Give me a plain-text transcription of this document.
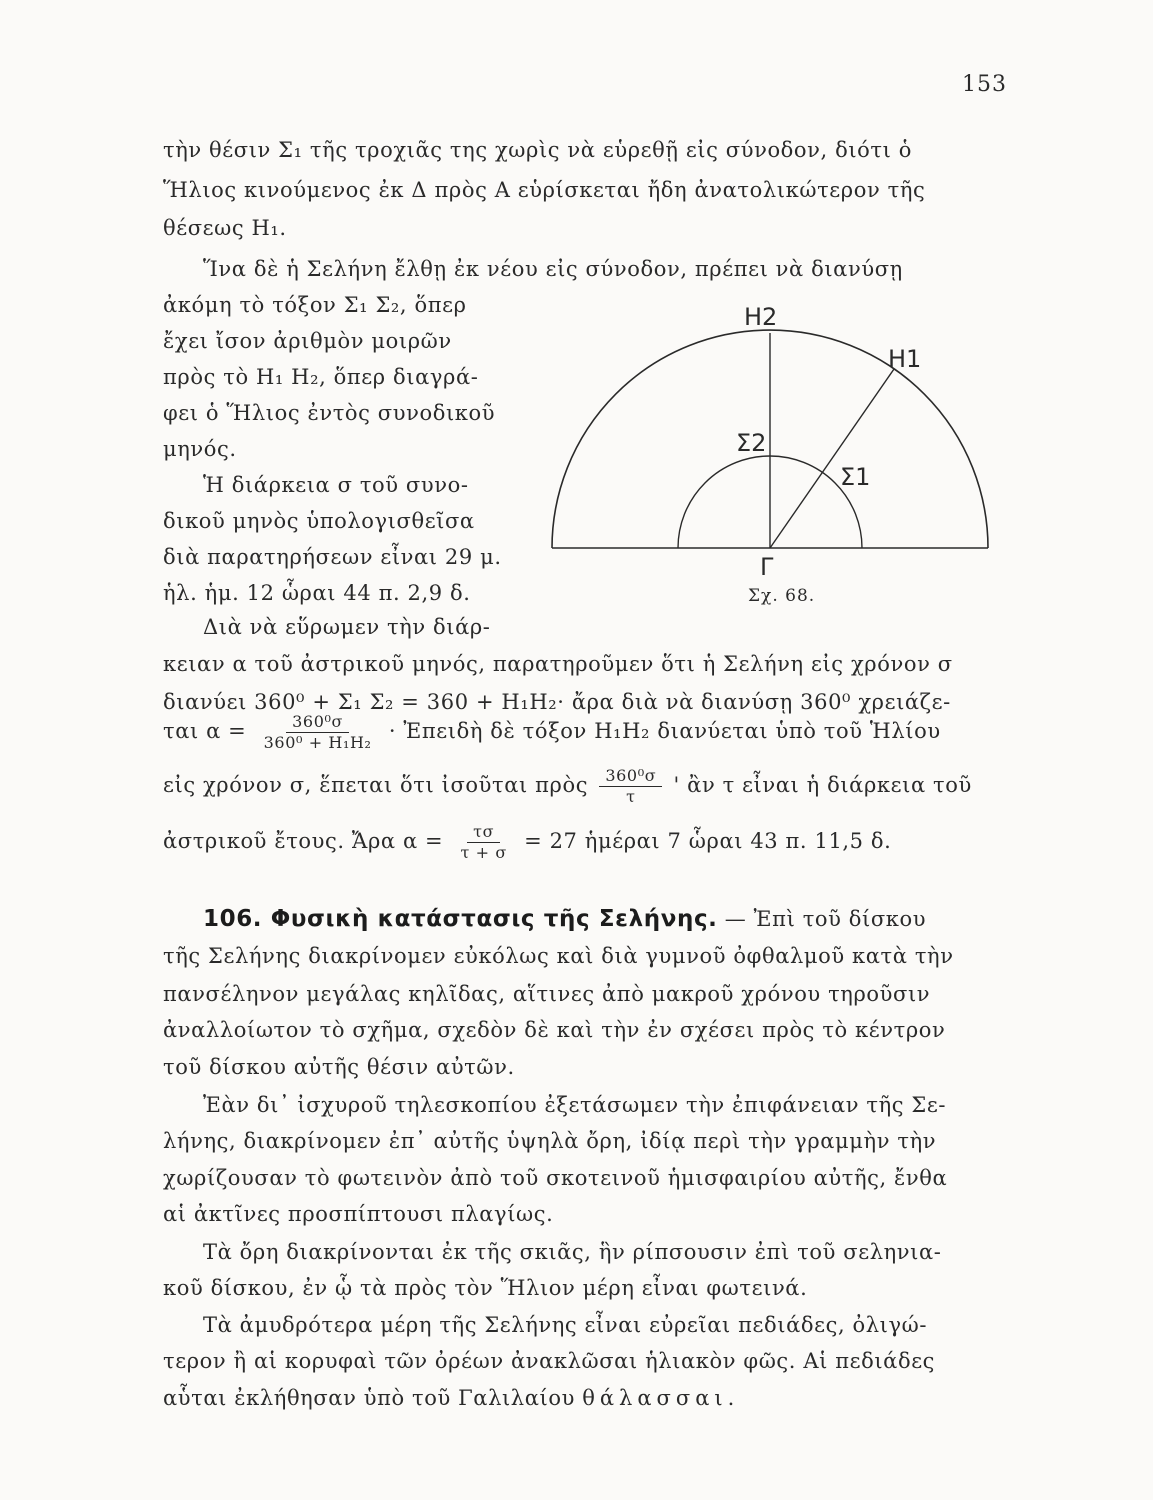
153
τὴν θέσιν Σ₁ τῆς τροχιᾶς της χωρὶς νὰ εὑρεθῇ εἰς σύνοδον, διότι ὁ
Ἥλιος κινούμενος ἐκ Δ πρὸς Α εὑρίσκεται ἤδη ἀνατολικώτερον τῆς
θέσεως Η₁.
Ἵνα δὲ ἡ Σελήνη ἔλθῃ ἐκ νέου εἰς σύνοδον, πρέπει νὰ διανύσῃ
ἀκόμη τὸ τόξον Σ₁ Σ₂, ὅπερ
ἔχει ἴσον ἀριθμὸν μοιρῶν
πρὸς τὸ Η₁ Η₂, ὅπερ διαγρά-
φει ὁ Ἥλιος ἐντὸς συνοδικοῦ
μηνός.
Ἡ διάρκεια σ τοῦ συνο-
δικοῦ μηνὸς ὑπολογισθεῖσα
διὰ παρατηρήσεων εἶναι 29 μ.
ἡλ. ἡμ. 12 ὧραι 44 π. 2,9 δ.
Διὰ νὰ εὕρωμεν τὴν διάρ-
κειαν α τοῦ ἀστρικοῦ μηνός, παρατηροῦμεν ὅτι ἡ Σελήνη εἰς χρόνον σ
διανύει 360⁰ + Σ₁ Σ₂ = 360 + Η₁Η₂· ἄρα διὰ νὰ διανύσῃ 360⁰ χρειάζε-
ται $\alpha = \frac{\text{360⁰σ}}{\text{360⁰ + Η₁Η₂}}$ · Ἐπειδὴ δὲ τόξον Η₁Η₂ διανύεται ὑπὸ τοῦ Ἡλίου
εἰς χρόνον σ, ἕπεται ὅτι ἰσοῦται πρὸς $\frac{\text{360⁰σ}}{\tau}$ ' ἂν τ εἶναι ἡ διάρκεια τοῦ
ἀστρικοῦ ἔτους. Ἄρα $\alpha = \frac{\tau\sigma}{\tau + \sigma} = 27$ ἡμέραι 7 ὧραι 43 π. 11,5 δ.
106. Φυσικὴ κατάστασις τῆς Σελήνης. — Ἐπὶ τοῦ δίσκου
τῆς Σελήνης διακρίνομεν εὐκόλως καὶ διὰ γυμνοῦ ὀφθαλμοῦ κατὰ τὴν
πανσέληνον μεγάλας κηλῖδας, αἵτινες ἀπὸ μακροῦ χρόνου τηροῦσιν
ἀναλλοίωτον τὸ σχῆμα, σχεδὸν δὲ καὶ τὴν ἐν σχέσει πρὸς τὸ κέντρον
τοῦ δίσκου αὐτῆς θέσιν αὐτῶν.
Ἐὰν δι᾽ ἰσχυροῦ τηλεσκοπίου ἐξετάσωμεν τὴν ἐπιφάνειαν τῆς Σε-
λήνης, διακρίνομεν ἐπ᾽ αὐτῆς ὑψηλὰ ὄρη, ἰδίᾳ περὶ τὴν γραμμὴν τὴν
χωρίζουσαν τὸ φωτεινὸν ἀπὸ τοῦ σκοτεινοῦ ἡμισφαιρίου αὐτῆς, ἔνθα
αἱ ἀκτῖνες προσπίπτουσι πλαγίως.
Τὰ ὄρη διακρίνονται ἐκ τῆς σκιᾶς, ἣν ρίπσουσιν ἐπὶ τοῦ σεληνια-
κοῦ δίσκου, ἐν ᾧ τὰ πρὸς τὸν Ἥλιον μέρη εἶναι φωτεινά.
Τὰ ἀμυδρότερα μέρη τῆς Σελήνης εἶναι εὐρεῖαι πεδιάδες, ὀλιγώ-
τερον ἢ αἱ κορυφαὶ τῶν ὀρέων ἀνακλῶσαι ἡλιακὸν φῶς. Αἱ πεδιάδες
αὗται ἐκλήθησαν ὑπὸ τοῦ Γαλιλαίου θάλασσαι.
H2
H1
Σ2
Σ1
Γ
Σχ. 68.
